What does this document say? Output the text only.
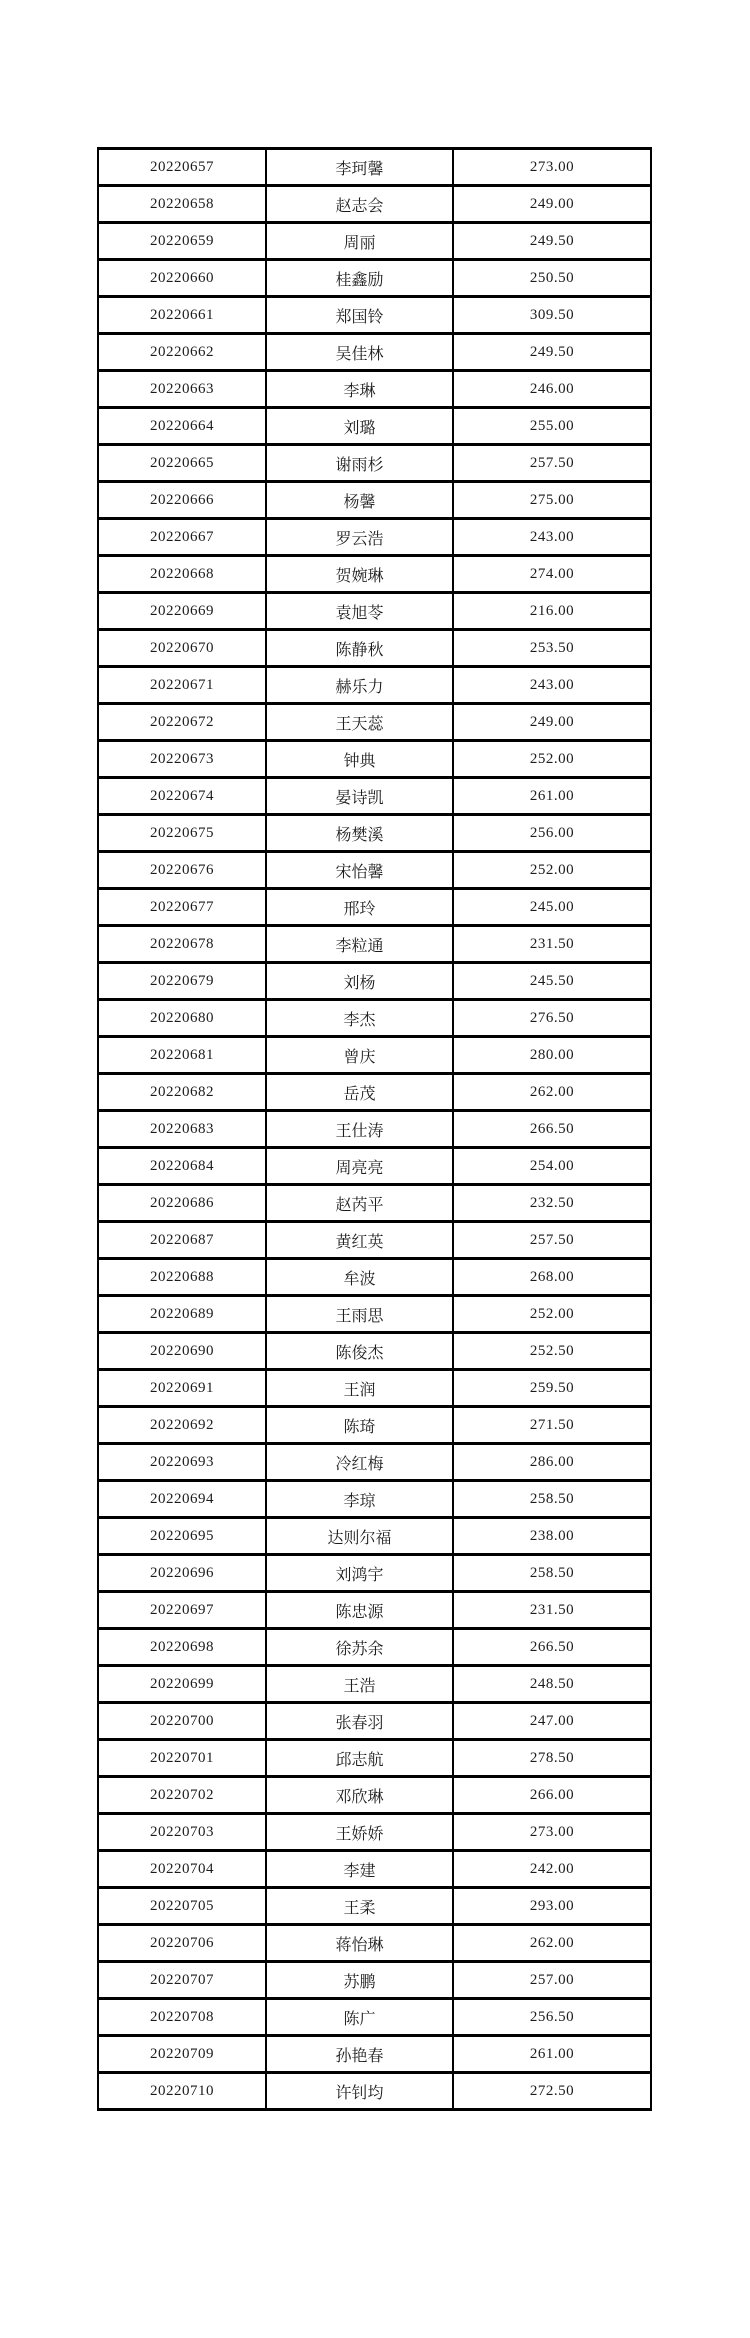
20220657	李珂馨	273.00
20220658	赵志会	249.00
20220659	周丽	249.50
20220660	桂鑫励	250.50
20220661	郑国铃	309.50
20220662	吴佳林	249.50
20220663	李琳	246.00
20220664	刘璐	255.00
20220665	谢雨杉	257.50
20220666	杨馨	275.00
20220667	罗云浩	243.00
20220668	贺婉琳	274.00
20220669	袁旭苓	216.00
20220670	陈静秋	253.50
20220671	赫乐力	243.00
20220672	王天蕊	249.00
20220673	钟典	252.00
20220674	晏诗凯	261.00
20220675	杨樊溪	256.00
20220676	宋怡馨	252.00
20220677	邢玲	245.00
20220678	李粒通	231.50
20220679	刘杨	245.50
20220680	李杰	276.50
20220681	曾庆	280.00
20220682	岳茂	262.00
20220683	王仕涛	266.50
20220684	周亮亮	254.00
20220686	赵芮平	232.50
20220687	黄红英	257.50
20220688	牟波	268.00
20220689	王雨思	252.00
20220690	陈俊杰	252.50
20220691	王润	259.50
20220692	陈琦	271.50
20220693	冷红梅	286.00
20220694	李琼	258.50
20220695	达则尔福	238.00
20220696	刘鸿宇	258.50
20220697	陈忠源	231.50
20220698	徐苏余	266.50
20220699	王浩	248.50
20220700	张春羽	247.00
20220701	邱志航	278.50
20220702	邓欣琳	266.00
20220703	王娇娇	273.00
20220704	李建	242.00
20220705	王柔	293.00
20220706	蒋怡琳	262.00
20220707	苏鹏	257.00
20220708	陈广	256.50
20220709	孙艳春	261.00
20220710	许钊均	272.50
